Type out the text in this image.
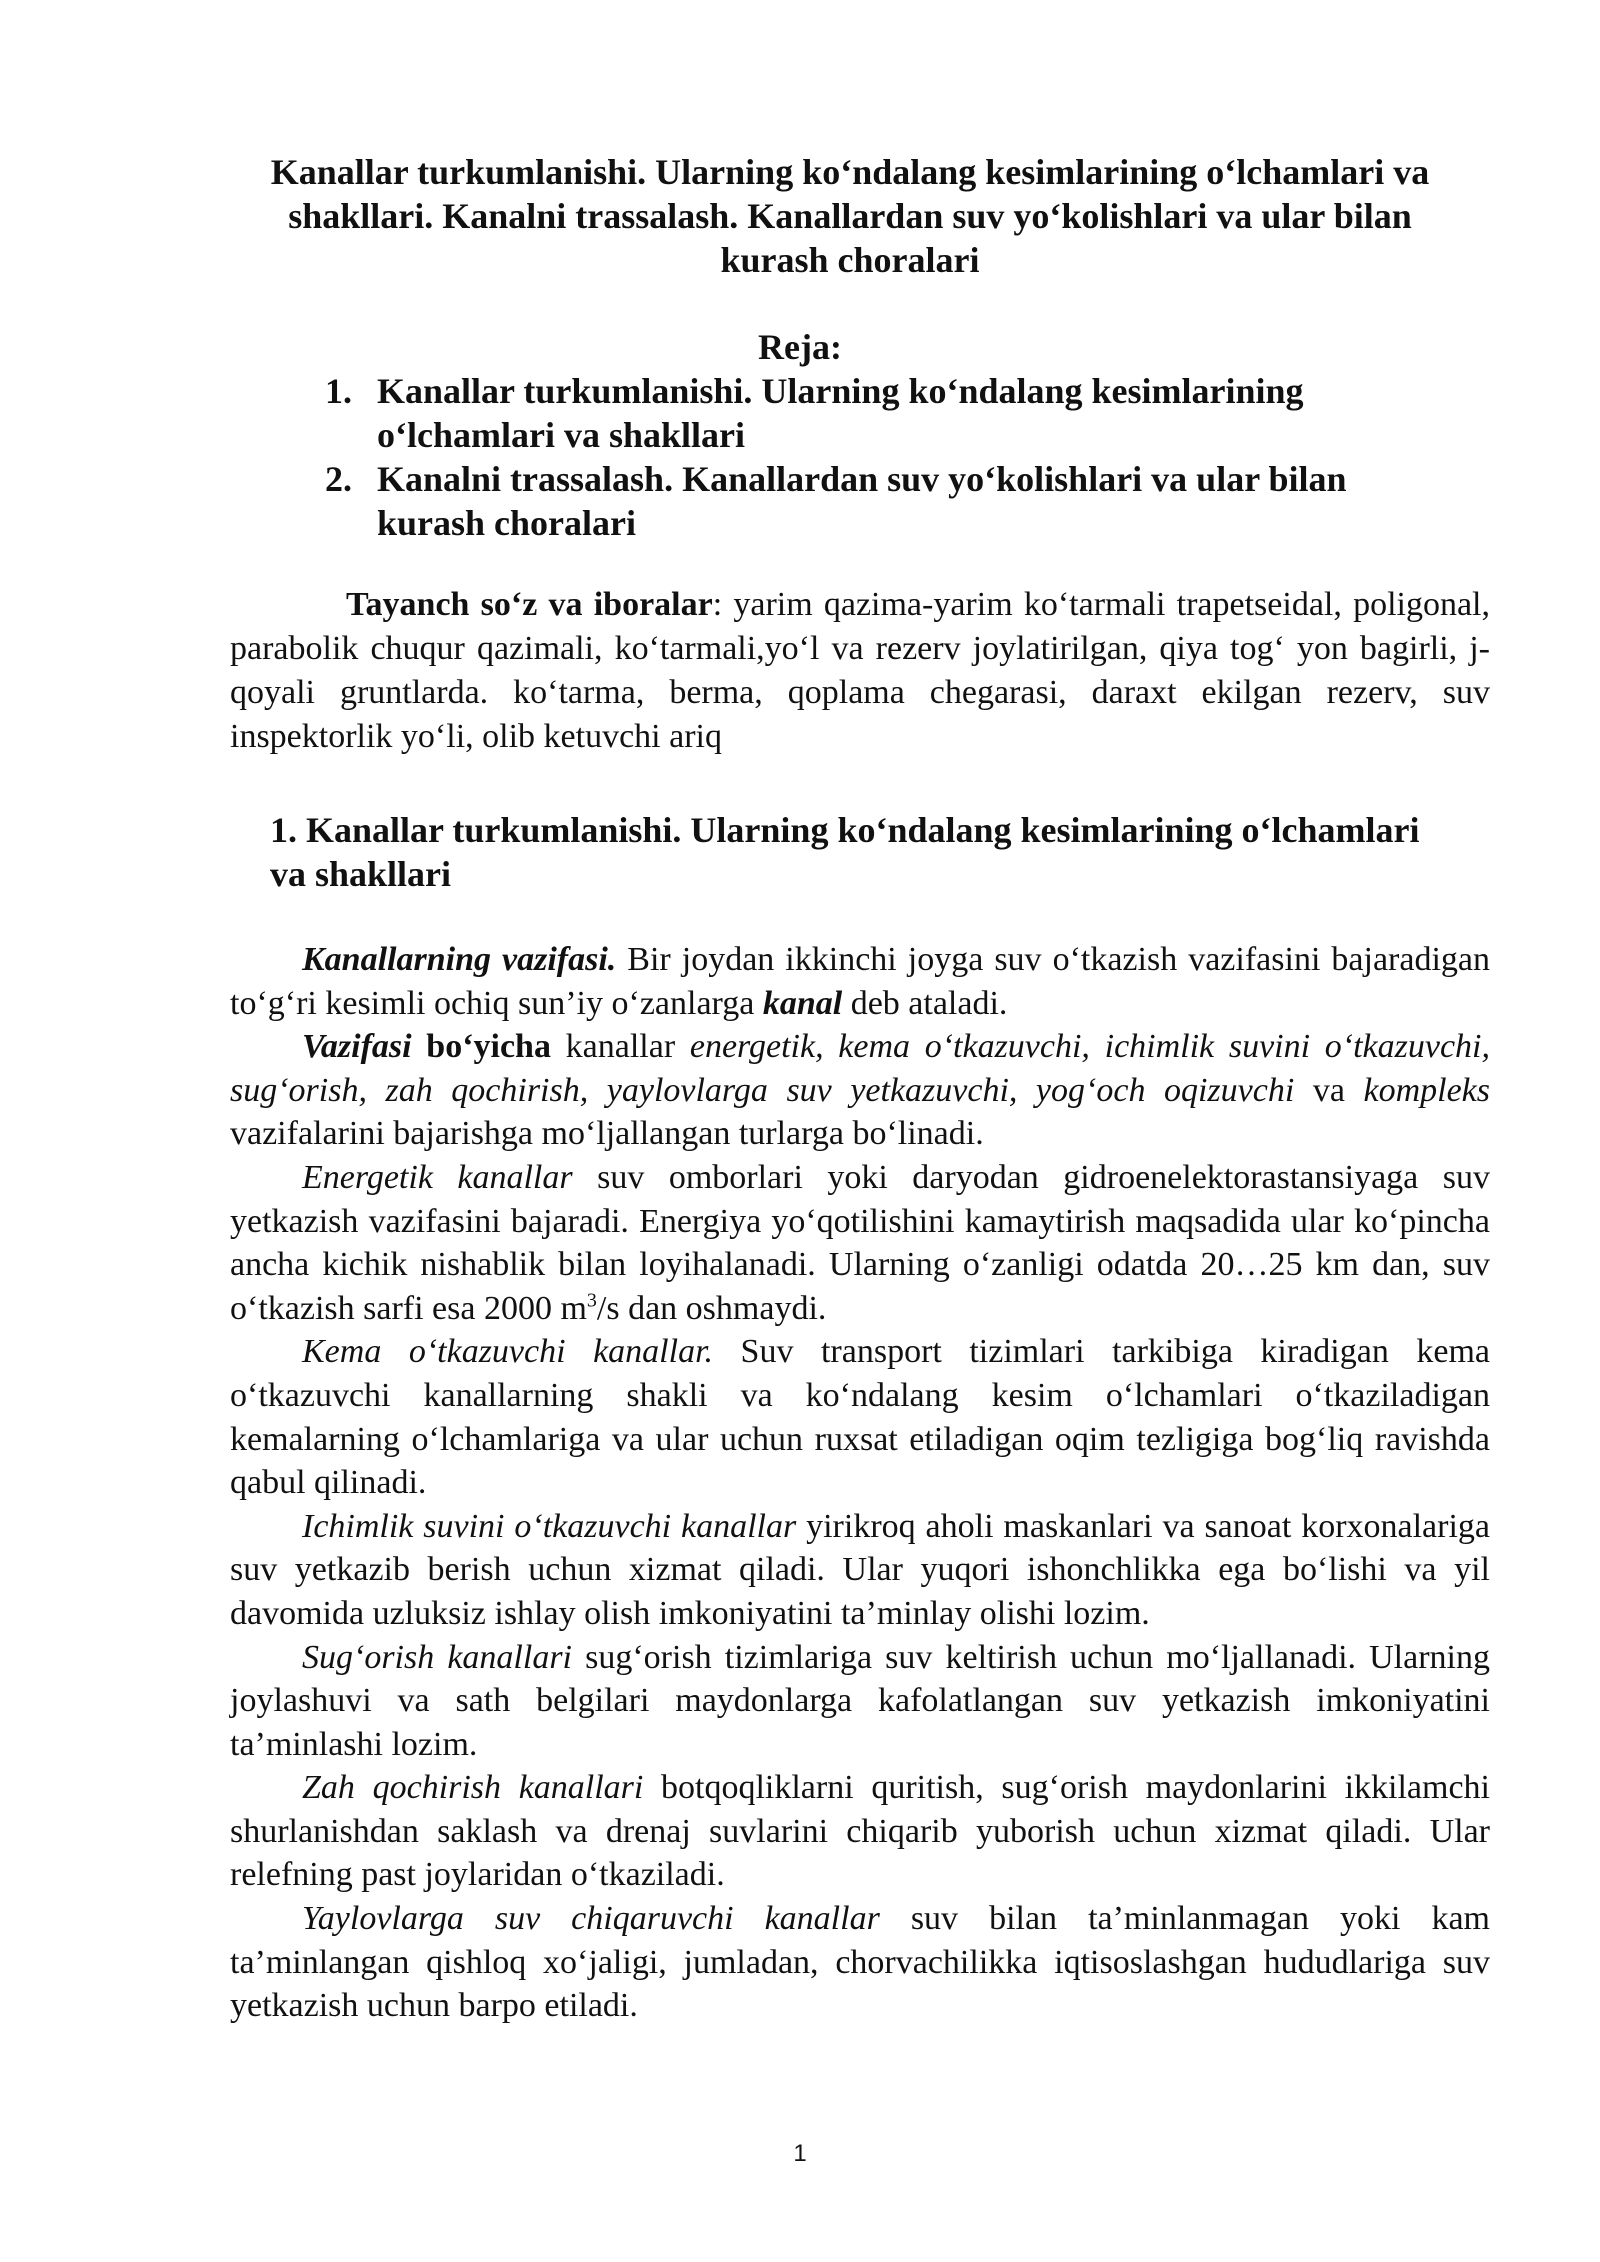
Kanallar turkumlanishi. Ularning ko‘ndalang kesimlarining o‘lchamlari va
shakllari. Kanalni trassalash. Kanallardan suv yo‘kolishlari va ular bilan
kurash choralari
Reja:
1. Kanallar turkumlanishi. Ularning ko‘ndalang kesimlarining
o‘lchamlari va shakllari
2. Kanalni trassalash. Kanallardan suv yo‘kolishlari va ular bilan
kurash choralari
Tayanch so‘z va iboralar: yarim qazima-yarim ko‘tarmali trapetseidal, poligonal, parabolik chuqur qazimali, ko‘tarmali,yo‘l va rezerv joylatirilgan, qiya tog‘ yon bagirli, j-qoyali gruntlarda. ko‘tarma, berma, qoplama chegarasi, daraxt ekilgan rezerv, suv inspektorlik yo‘li, olib ketuvchi ariq
1. Kanallar turkumlanishi. Ularning ko‘ndalang kesimlarining o‘lchamlari
va shakllari

Kanallarning vazifasi. Bir joydan ikkinchi joyga suv o‘tkazish vazifasini bajaradigan to‘g‘ri kesimli ochiq sun’iy o‘zanlarga kanal deb ataladi.

Vazifasi bo‘yicha kanallar energetik, kema o‘tkazuvchi, ichimlik suvini o‘tkazuvchi, sug‘orish, zah qochirish, yaylovlarga suv yetkazuvchi, yog‘och oqizuvchi va kompleks vazifalarini bajarishga mo‘ljallangan turlarga bo‘linadi.

Energetik kanallar suv omborlari yoki daryodan gidroenelektorastansiyaga suv yetkazish vazifasini bajaradi. Energiya yo‘qotilishini kamaytirish maqsadida ular ko‘pincha ancha kichik nishablik bilan loyihalanadi. Ularning o‘zanligi odatda 20…25 km dan, suv o‘tkazish sarfi esa 2000 $m^3/s$ dan oshmaydi.

Kema o‘tkazuvchi kanallar. Suv transport tizimlari tarkibiga kiradigan kema o‘tkazuvchi kanallarning shakli va ko‘ndalang kesim o‘lchamlari o‘tkaziladigan kemalarning o‘lchamlariga va ular uchun ruxsat etiladigan oqim tezligiga bog‘liq ravishda qabul qilinadi.

Ichimlik suvini o‘tkazuvchi kanallar yirikroq aholi maskanlari va sanoat korxonalariga suv yetkazib berish uchun xizmat qiladi. Ular yuqori ishonchlikka ega bo‘lishi va yil davomida uzluksiz ishlay olish imkoniyatini ta’minlay olishi lozim.

Sug‘orish kanallari sug‘orish tizimlariga suv keltirish uchun mo‘ljallanadi. Ularning joylashuvi va sath belgilari maydonlarga kafolatlangan suv yetkazish imkoniyatini ta’minlashi lozim.

Zah qochirish kanallari botqoqliklarni quritish, sug‘orish maydonlarini ikkilamchi shurlanishdan saklash va drenaj suvlarini chiqarib yuborish uchun xizmat qiladi. Ular relefning past joylaridan o‘tkaziladi.

Yaylovlarga suv chiqaruvchi kanallar suv bilan ta’minlanmagan yoki kam ta’minlangan qishloq xo‘jaligi, jumladan, chorvachilikka iqtisoslashgan hududlariga suv yetkazish uchun barpo etiladi.

1
